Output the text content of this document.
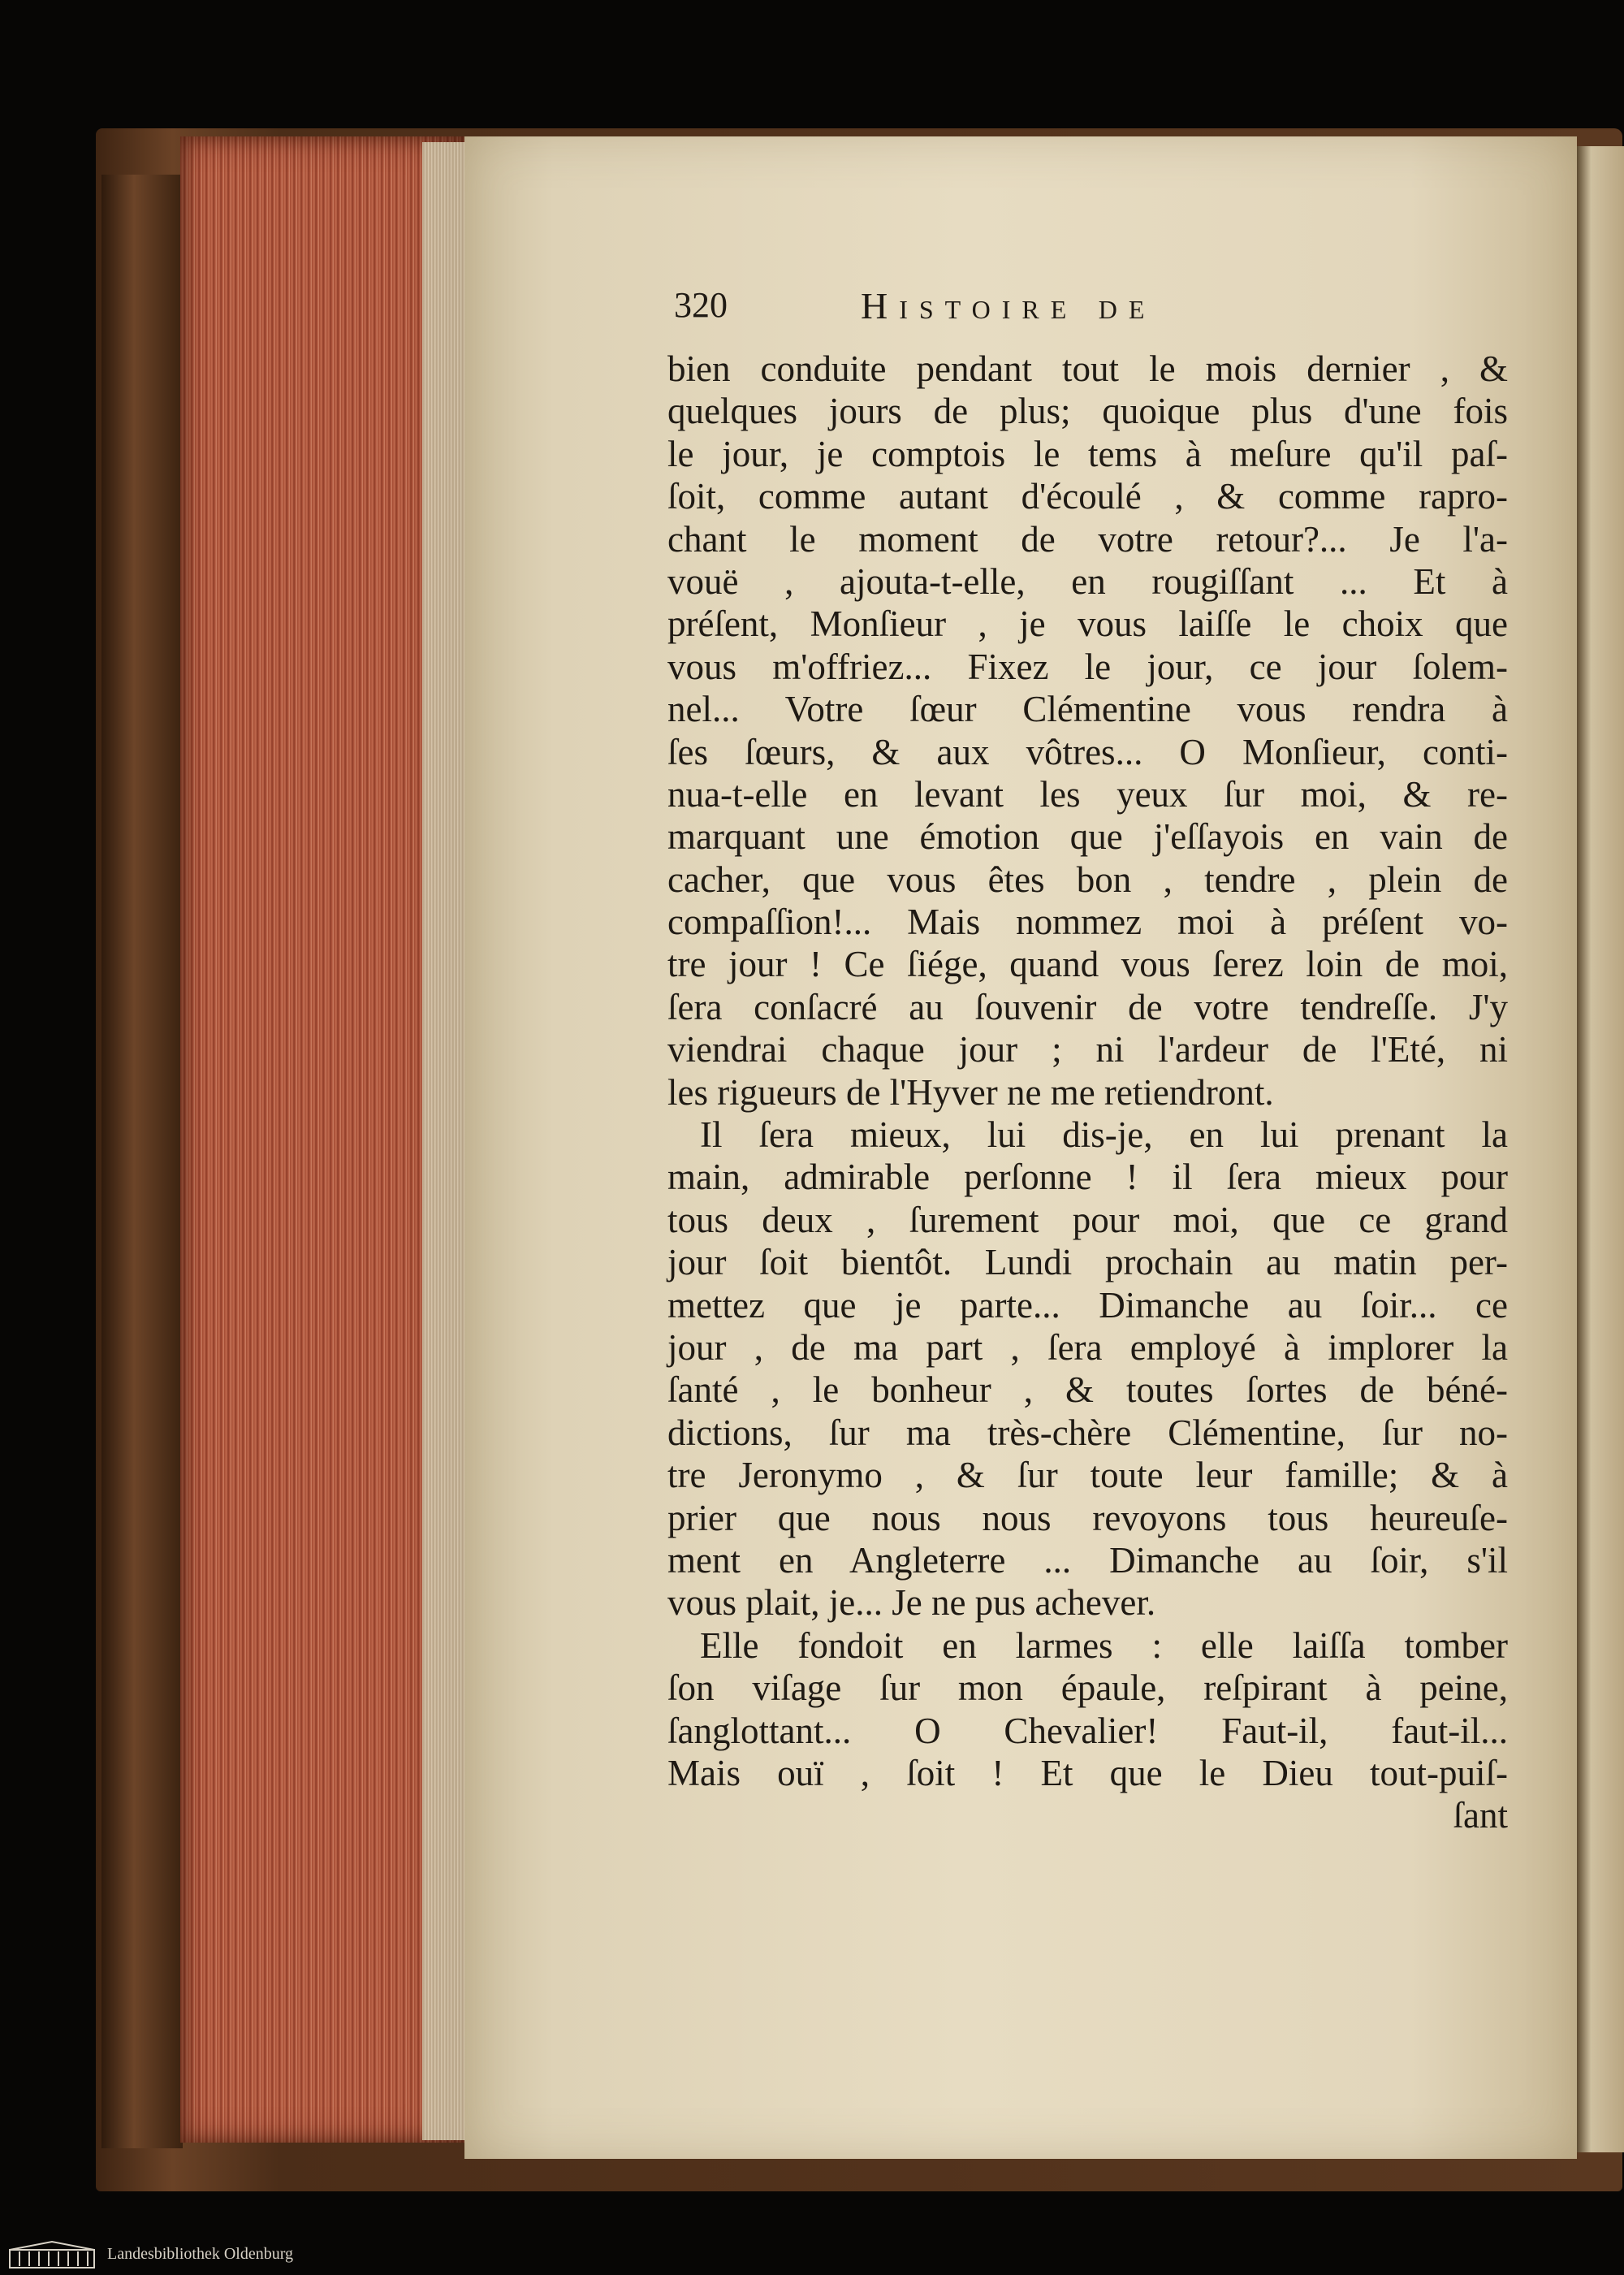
320	Histoire de
bien conduite pendant tout le mois dernier , &
quelques jours de plus; quoique plus d'une fois
le jour, je comptois le tems à meſure qu'il paſ-
ſoit, comme autant d'écoulé , & comme rapro-
chant le moment de votre retour?... Je l'a-
vouë , ajouta-t-elle, en rougiſſant ... Et à
préſent, Monſieur , je vous laiſſe le choix que
vous m'offriez... Fixez le jour, ce jour ſolem-
nel... Votre ſœur Clémentine vous rendra à
ſes ſœurs, & aux vôtres... O Monſieur, conti-
nua-t-elle en levant les yeux ſur moi, & re-
marquant une émotion que j'eſſayois en vain de
cacher, que vous êtes bon , tendre , plein de
compaſſion!... Mais nommez moi à préſent vo-
tre jour ! Ce ſiége, quand vous ſerez loin de moi,
ſera conſacré au ſouvenir de votre tendreſſe. J'y
viendrai chaque jour ; ni l'ardeur de l'Eté, ni
les rigueurs de l'Hyver ne me retiendront.
Il ſera mieux, lui dis-je, en lui prenant la
main, admirable perſonne ! il ſera mieux pour
tous deux , ſurement pour moi, que ce grand
jour ſoit bientôt. Lundi prochain au matin per-
mettez que je parte... Dimanche au ſoir... ce
jour , de ma part , ſera employé à implorer la
ſanté , le bonheur , & toutes ſortes de béné-
dictions, ſur ma très-chère Clémentine, ſur no-
tre Jeronymo , & ſur toute leur famille; & à
prier que nous nous revoyons tous heureuſe-
ment en Angleterre ... Dimanche au ſoir, s'il
vous plait, je... Je ne pus achever.
Elle fondoit en larmes : elle laiſſa tomber
ſon viſage ſur mon épaule, reſpirant à peine,
ſanglottant... O Chevalier! Faut-il, faut-il...
Mais ouï , ſoit ! Et que le Dieu tout-puiſ-
ſant
Landesbibliothek Oldenburg
